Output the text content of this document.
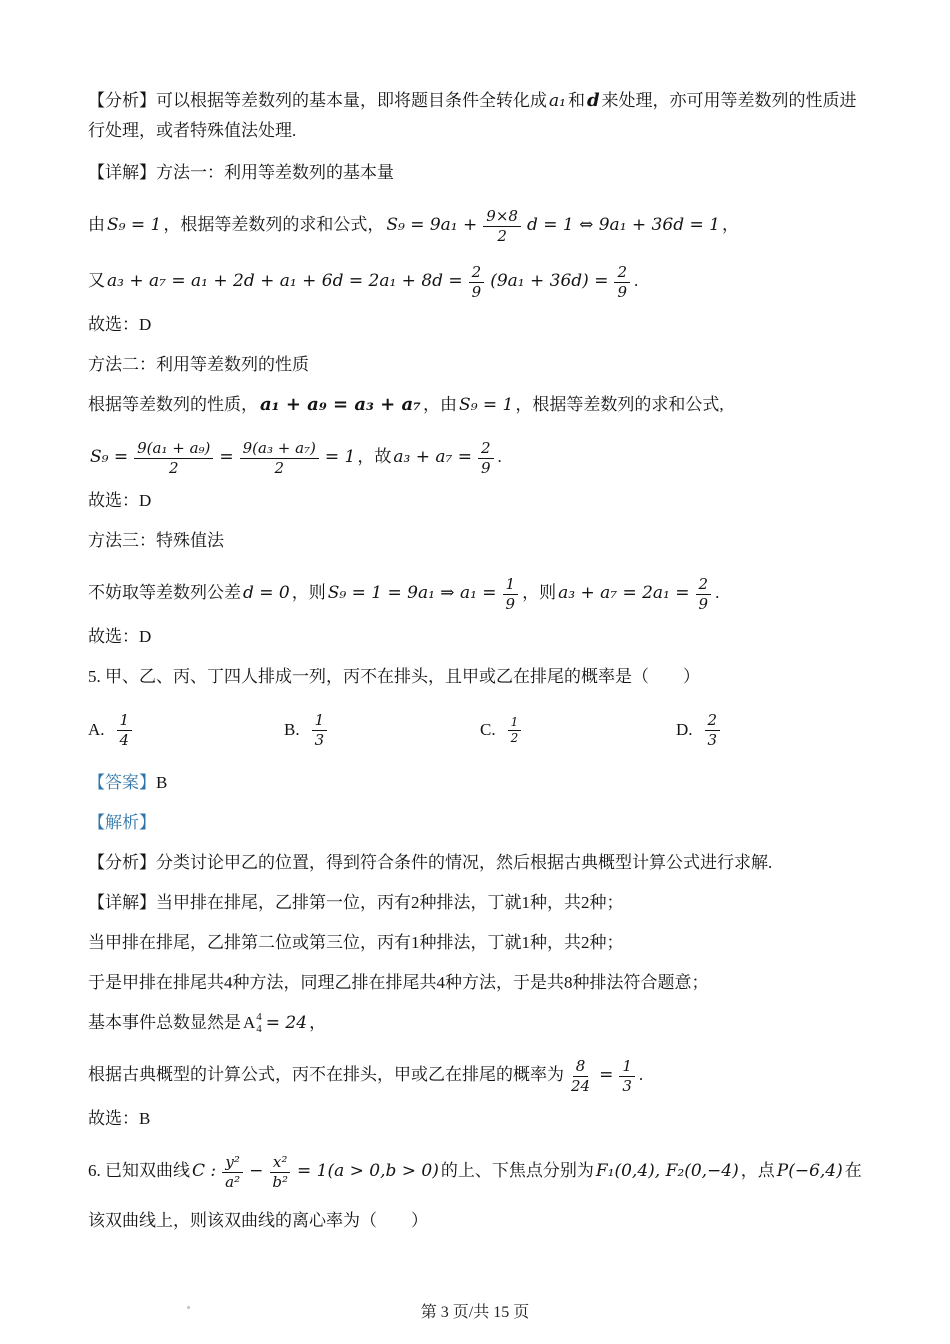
【分析】可以根据等差数列的基本量，即将题目条件全转化成 a₁ 和 d 来处理，亦可用等差数列的性质进行处理，或者特殊值法处理.

【详解】方法一：利用等差数列的基本量

由 S₉ = 1 ，根据等差数列的求和公式， $S_9 = 9a_1 + \frac{9\times 8}{2}$ d = 1 ⇔ 9a₁ + 36d = 1 ，

又 $a_3 + a_7 = a_1 + 2d + a_1 + 6d = 2a_1 + 8d = \frac{2}{9} (9a_1 + 36d) = \frac{2}{9}$ .

故选：D

方法二：利用等差数列的性质

根据等差数列的性质， a₁ + a₉ = a₃ + a₇ ，由 S₉ = 1 ，根据等差数列的求和公式,

$S_9 = \frac{\text{9(a₁ + a₉)}}{2} = \frac{\text{9(a₃ + a₇)}}{2} = 1$ ，故 $a_3 + a_7 = \frac{2}{9}$ .

故选：D

方法三：特殊值法

不妨取等差数列公差 d = 0 ，则 S₉ = 1 = 9a₁ ⇒ $a_1 = \frac{1}{9}$ ，则 $a_3 + a_7 = 2a_1 = \frac{2}{9}$ .

故选：D

5. 甲、乙、丙、丁四人排成一列，丙不在排头，且甲或乙在排尾的概率是（　　）

A. $\frac{1}{4}$	B. $\frac{1}{3}$	C. $\frac{1}{2}$	D. $\frac{2}{3}$

【答案】B

【解析】

【分析】分类讨论甲乙的位置，得到符合条件的情况，然后根据古典概型计算公式进行求解.

【详解】当甲排在排尾，乙排第一位，丙有2种排法，丁就1种，共2种；

当甲排在排尾，乙排第二位或第三位，丙有1种排法，丁就1种，共2种；

于是甲排在排尾共4种方法，同理乙排在排尾共4种方法，于是共8种排法符合题意；

基本事件总数显然是 A 4
4 = 24 ，

根据古典概型的计算公式，丙不在排头，甲或乙在排尾的概率为 $\frac{8}{24} = \frac{1}{3}$ .

故选：B

6. 已知双曲线 C : $\frac{\text{y²}}{\text{a²}} - \frac{\text{x²}}{\text{b²}} = 1(a > 0,b > 0)$ 的上、下焦点分别为 F₁(0,4), F₂(0,−4) ，点 P(−6,4) 在该双曲线上，则该双曲线的离心率为（　　）

第 3 页/共 15 页
